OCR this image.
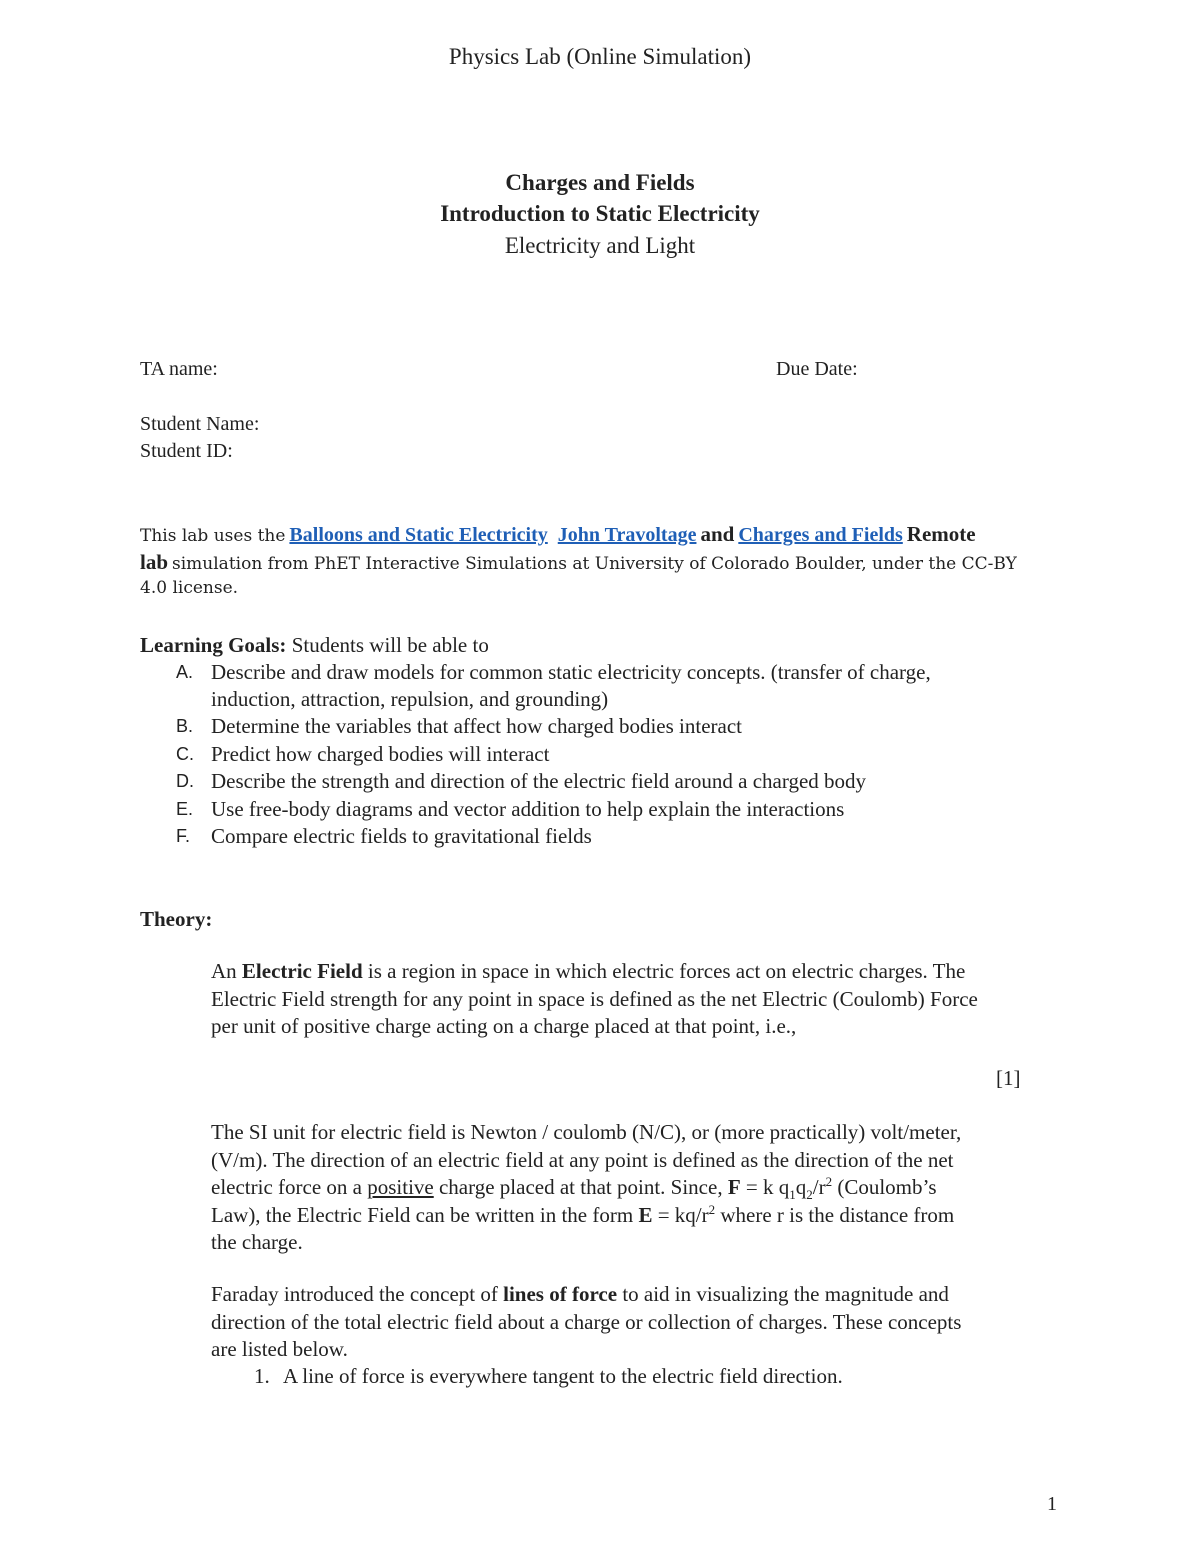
Physics Lab (Online Simulation)
Charges and Fields
Introduction to Static Electricity
Electricity and Light
TA name:	Due Date:
Student Name:
Student ID:
This lab uses the Balloons and Static Electricity John Travoltage and Charges and Fields Remote
lab simulation from PhET Interactive Simulations at University of Colorado Boulder, under the CC-BY
4.0 license.
Learning Goals: Students will be able to
A. Describe and draw models for common static electricity concepts. (transfer of charge,
induction, attraction, repulsion, and grounding)
B. Determine the variables that affect how charged bodies interact
C. Predict how charged bodies will interact
D. Describe the strength and direction of the electric field around a charged body
E. Use free-body diagrams and vector addition to help explain the interactions
F. Compare electric fields to gravitational fields
Theory:
An Electric Field is a region in space in which electric forces act on electric charges. The
Electric Field strength for any point in space is defined as the net Electric (Coulomb) Force
per unit of positive charge acting on a charge placed at that point, i.e.,
[1]
The SI unit for electric field is Newton / coulomb (N/C), or (more practically) volt/meter,
(V/m). The direction of an electric field at any point is defined as the direction of the net
electric force on a positive charge placed at that point. Since, F = k $q_1q_2/r^2$ (Coulomb’s
Law), the Electric Field can be written in the form $E = kq/r^2$ where r is the distance from
the charge.
Faraday introduced the concept of lines of force to aid in visualizing the magnitude and
direction of the total electric field about a charge or collection of charges. These concepts
are listed below.
1. A line of force is everywhere tangent to the electric field direction.
1
